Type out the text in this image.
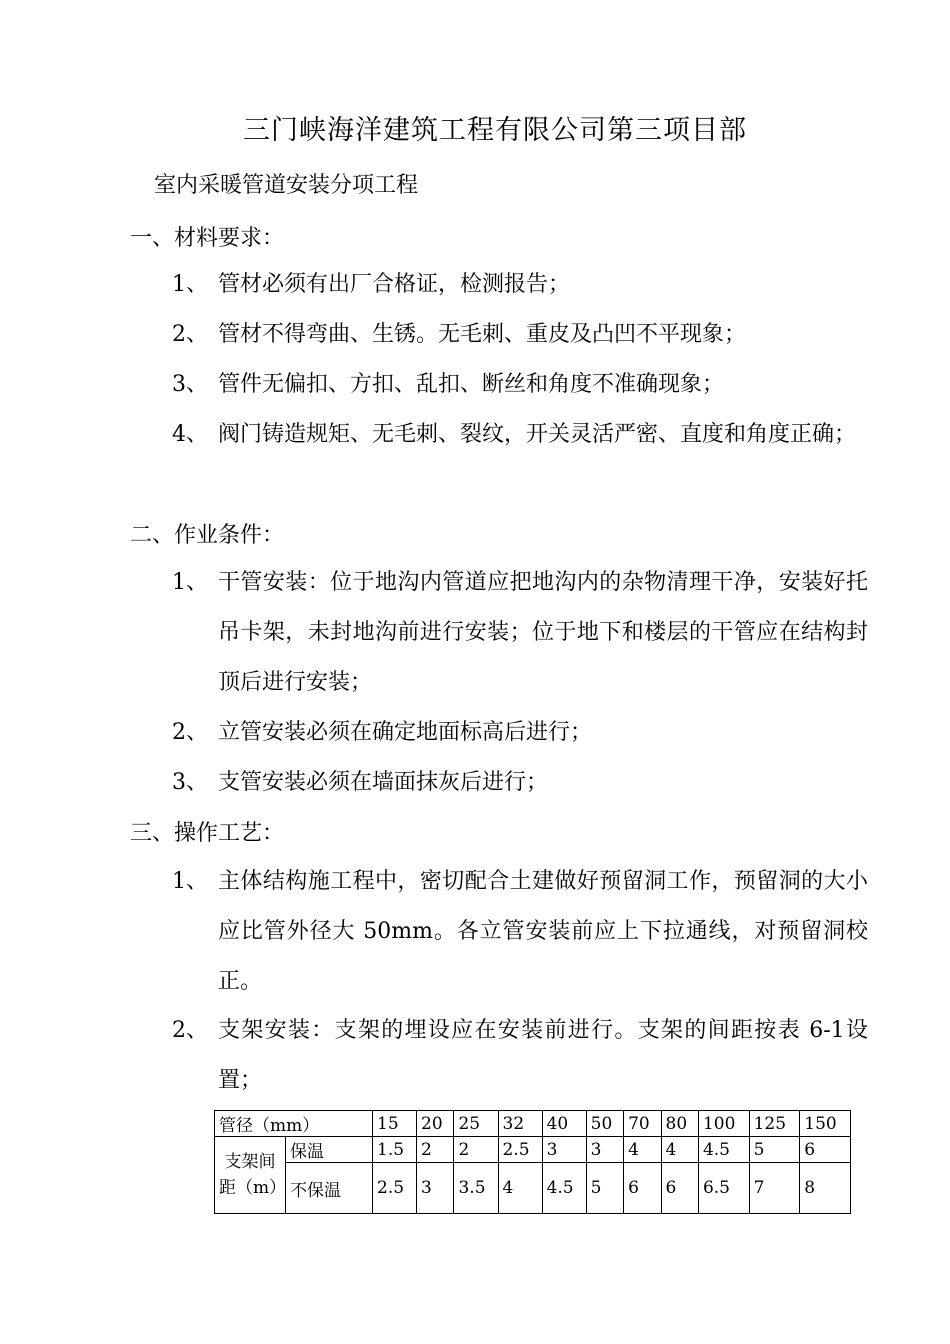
三门峡海洋建筑工程有限公司第三项目部
室内采暖管道安装分项工程
一、材料要求：
1、 管材必须有出厂合格证，检测报告；
2、 管材不得弯曲、生锈。无毛刺、重皮及凸凹不平现象；
3、 管件无偏扣、方扣、乱扣、断丝和角度不准确现象；
4、 阀门铸造规矩、无毛刺、裂纹，开关灵活严密、直度和角度正确；
二、作业条件：
1、 干管安装：位于地沟内管道应把地沟内的杂物清理干净，安装好托吊卡架，未封地沟前进行安装；位于地下和楼层的干管应在结构封顶后进行安装；
2、 立管安装必须在确定地面标高后进行；
3、 支管安装必须在墙面抹灰后进行；
三、操作工艺：
1、 主体结构施工程中，密切配合土建做好预留洞工作，预留洞的大小应比管外径大 50mm。各立管安装前应上下拉通线，对预留洞校正。
2、 支架安装：支架的埋设应在安装前进行。支架的间距按表 6-1设置；
管径（mm）		15	20	25	32	40	50	70	80	100	125	150
支架间距（m）	保温	1.5	2	2	2.5	3	3	4	4	4.5	5	6
	不保温	2.5	3	3.5	4	4.5	5	6	6	6.5	7	8
